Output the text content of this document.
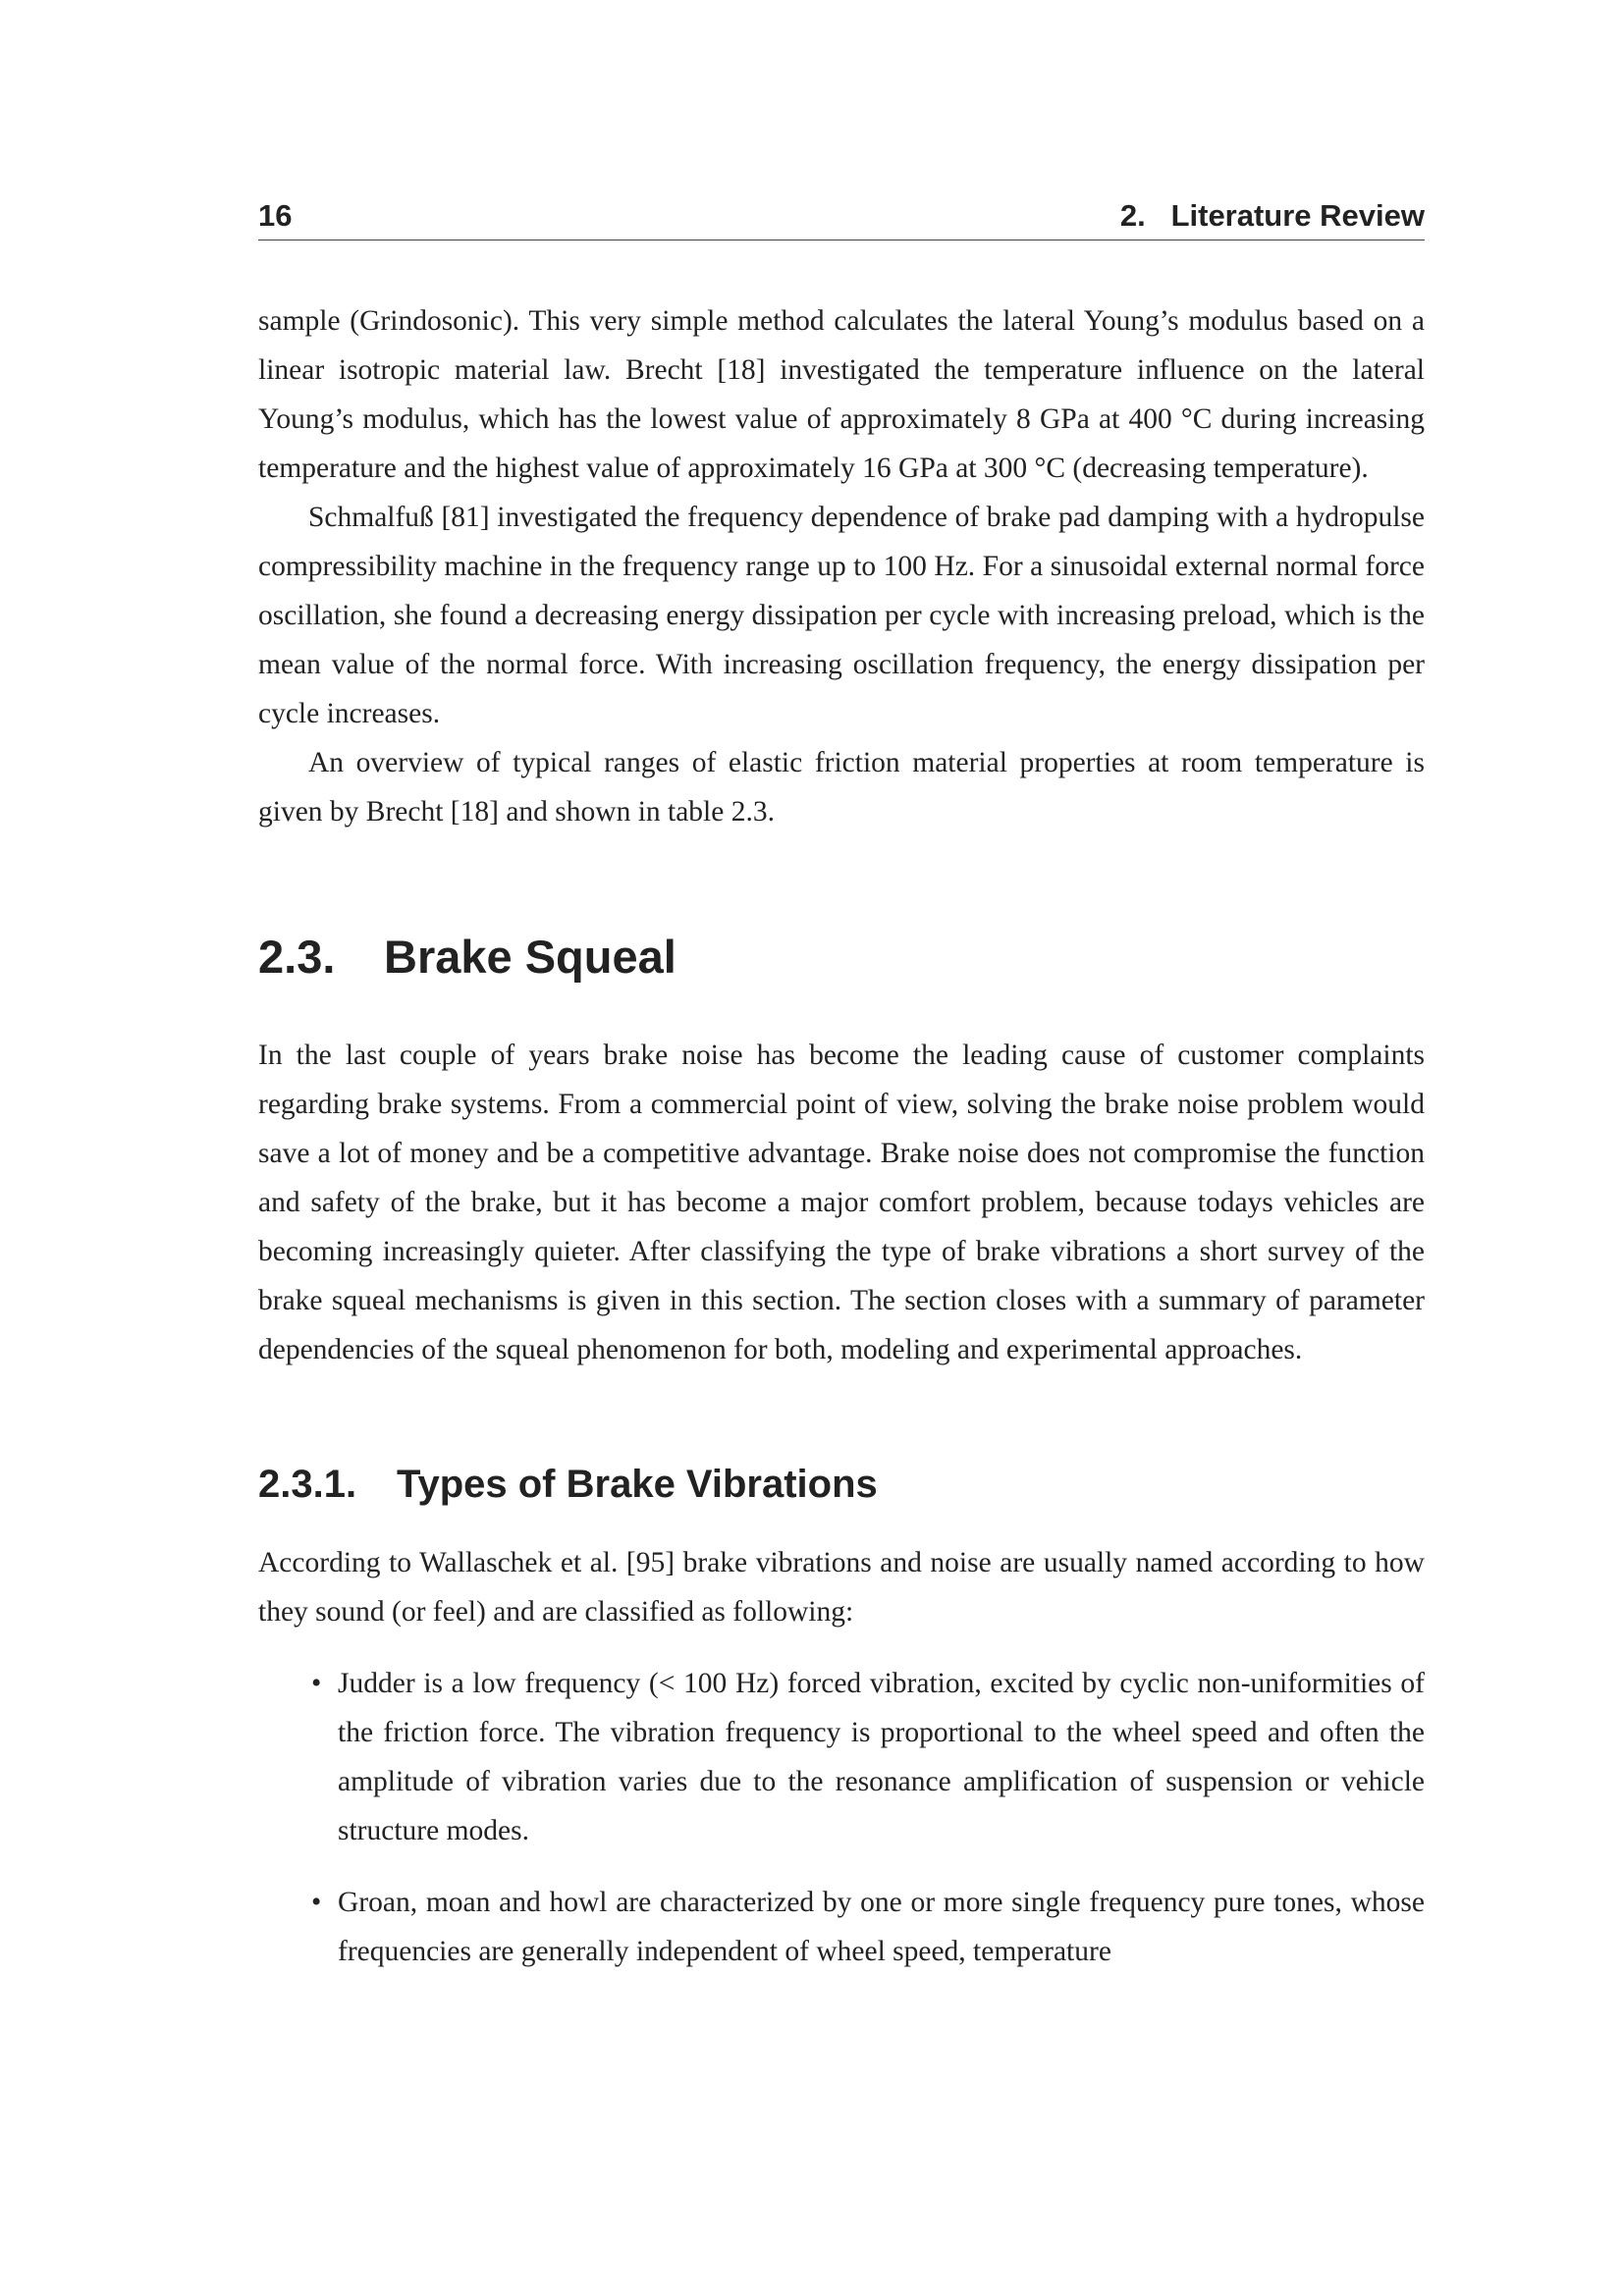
16	2.   Literature Review

sample (Grindosonic). This very simple method calculates the lateral Young’s modulus based on a linear isotropic material law. Brecht [18] investigated the temperature influence on the lateral Young’s modulus, which has the lowest value of approximately 8 GPa at 400 °C during increasing temperature and the highest value of approximately 16 GPa at 300 °C (decreasing temperature).

Schmalfuß [81] investigated the frequency dependence of brake pad damping with a hydropulse compressibility machine in the frequency range up to 100 Hz. For a sinusoidal external normal force oscillation, she found a decreasing energy dissipation per cycle with increasing preload, which is the mean value of the normal force. With increasing oscillation frequency, the energy dissipation per cycle increases.

An overview of typical ranges of elastic friction material properties at room temperature is given by Brecht [18] and shown in table 2.3.

2.3. Brake Squeal

In the last couple of years brake noise has become the leading cause of customer complaints regarding brake systems. From a commercial point of view, solving the brake noise problem would save a lot of money and be a competitive advantage. Brake noise does not compromise the function and safety of the brake, but it has become a major comfort problem, because todays vehicles are becoming increasingly quieter. After classifying the type of brake vibrations a short survey of the brake squeal mechanisms is given in this section. The section closes with a summary of parameter dependencies of the squeal phenomenon for both, modeling and experimental approaches.

2.3.1. Types of Brake Vibrations

According to Wallaschek et al. [95] brake vibrations and noise are usually named according to how they sound (or feel) and are classified as following:

• Judder is a low frequency (< 100 Hz) forced vibration, excited by cyclic non-uniformities of the friction force. The vibration frequency is proportional to the wheel speed and often the amplitude of vibration varies due to the resonance amplification of suspension or vehicle structure modes.
• Groan, moan and howl are characterized by one or more single frequency pure tones, whose frequencies are generally independent of wheel speed, temperature
